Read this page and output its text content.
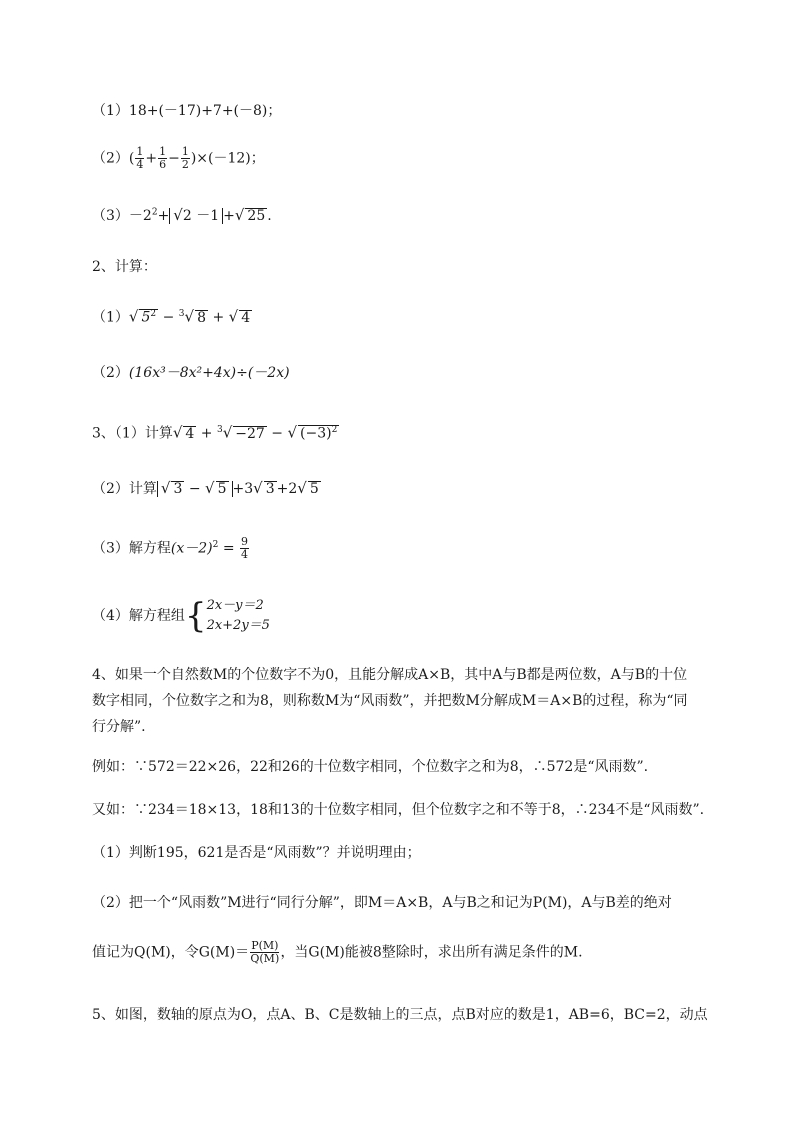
（1）18+(－17)+7+(－8)；
$(2)( \frac{1}{4} + \frac{1}{6} - \frac{1}{2} )\times(-12)$；
$(3)-2^2+ √2 -1$ +√ 25 .
2、计算：
（1）√ $5^2 - ^3√$ 8 + √ 4
（2）(16x³－8x²+4x)÷(－2x)
3、（1）计算√ 4 + $^3$√ −27 − √ $(-3)^2$
（2）计算 √ 3 − √ 5 +3√ 3 +2√ 5
（3）解方程$(x-2)^2 = \frac{9}{4}$
（4）解方程组{ 2x－y＝2
2x+2y＝5
4、如果一个自然数M的个位数字不为0，且能分解成A×B，其中A与B都是两位数，A与B的十位
数字相同，个位数字之和为8，则称数M为“风雨数”，并把数M分解成M＝A×B的过程，称为“同
行分解”.
例如：∵572＝22×26，22和26的十位数字相同，个位数字之和为8，∴572是“风雨数”.
又如：∵234＝18×13，18和13的十位数字相同，但个位数字之和不等于8，∴234不是“风雨数”.
（1）判断195，621是否是“风雨数”？并说明理由；
（2）把一个“风雨数”M进行“同行分解”，即M＝A×B，A与B之和记为P(M)，A与B差的绝对
值记为Q(M)，令$G(M)= \frac{P(M)}{Q(M)}$ ，当G(M)能被8整除时，求出所有满足条件的M.
5、如图，数轴的原点为O，点A、B、C是数轴上的三点，点B对应的数是1，AB=6，BC=2，动点
